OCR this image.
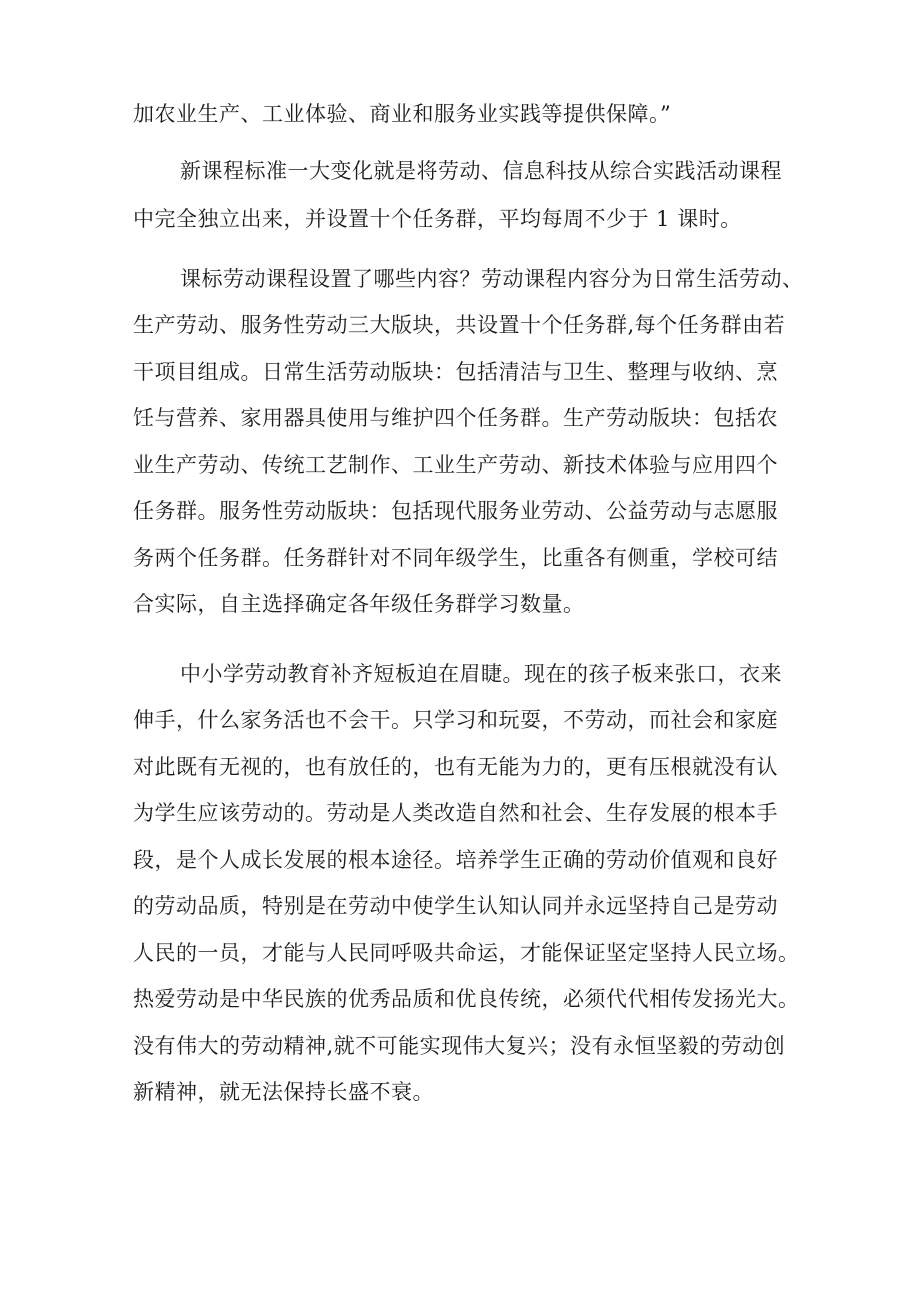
加农业生产、工业体验、商业和服务业实践等提供保障。”
新课程标准一大变化就是将劳动、信息科技从综合实践活动课程
中完全独立出来，并设置十个任务群，平均每周不少于 1 课时。
课标劳动课程设置了哪些内容？劳动课程内容分为日常生活劳动、
生产劳动、服务性劳动三大版块，共设置十个任务群,每个任务群由若
干项目组成。日常生活劳动版块：包括清洁与卫生、整理与收纳、烹
饪与营养、家用器具使用与维护四个任务群。生产劳动版块：包括农
业生产劳动、传统工艺制作、工业生产劳动、新技术体验与应用四个
任务群。服务性劳动版块：包括现代服务业劳动、公益劳动与志愿服
务两个任务群。任务群针对不同年级学生，比重各有侧重，学校可结
合实际，自主选择确定各年级任务群学习数量。
中小学劳动教育补齐短板迫在眉睫。现在的孩子板来张口，衣来
伸手，什么家务活也不会干。只学习和玩耍，不劳动，而社会和家庭
对此既有无视的，也有放任的，也有无能为力的，更有压根就没有认
为学生应该劳动的。劳动是人类改造自然和社会、生存发展的根本手
段，是个人成长发展的根本途径。培养学生正确的劳动价值观和良好
的劳动品质，特别是在劳动中使学生认知认同并永远坚持自己是劳动
人民的一员，才能与人民同呼吸共命运，才能保证坚定坚持人民立场。
热爱劳动是中华民族的优秀品质和优良传统，必须代代相传发扬光大。
没有伟大的劳动精神,就不可能实现伟大复兴；没有永恒坚毅的劳动创
新精神，就无法保持长盛不衰。
